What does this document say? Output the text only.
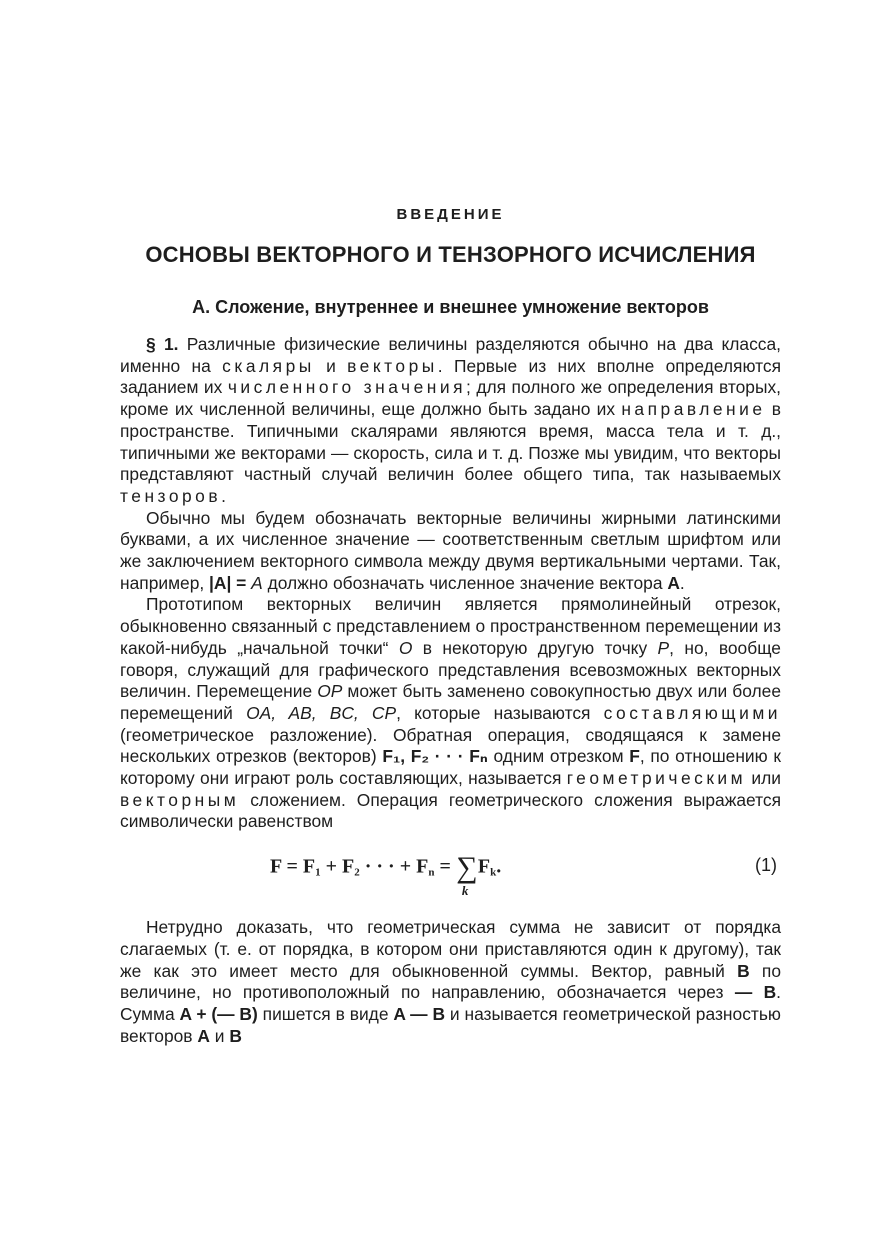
ВВЕДЕНИЕ
ОСНОВЫ ВЕКТОРНОГО И ТЕНЗОРНОГО ИСЧИСЛЕНИЯ
А. Сложение, внутреннее и внешнее умножение векторов

§ 1. Различные физические величины разделяются обычно на два класса, именно на скаляры и векторы. Первые из них вполне определяются заданием их численного значения; для полного же определения вторых, кроме их численной величины, еще должно быть задано их направление в пространстве. Типичными скалярами являются время, масса тела и т. д., типичными же векторами — скорость, сила и т. д. Позже мы увидим, что векторы представляют частный случай величин более общего типа, так называемых тензоров.

Обычно мы будем обозначать векторные величины жирными латинскими буквами, а их численное значение — соответственным светлым шрифтом или же заключением векторного символа между двумя вертикальными чертами. Так, например, |A| = A должно обозначать численное значение вектора A.

Прототипом векторных величин является прямолинейный отрезок, обыкновенно связанный с представлением о пространственном перемещении из какой-нибудь „начальной точки“ O в некоторую другую точку P, но, вообще говоря, служащий для графического представления всевозможных векторных величин. Перемещение OP может быть заменено совокупностью двух или более перемещений OA, AB, BC, CP, которые называются составляющими (геометрическое разложение). Обратная операция, сводящаяся к замене нескольких отрезков (векторов) F₁, F₂ · · · Fₙ одним отрезком F, по отношению к которому они играют роль составляющих, называется геометрическим или векторным сложением. Операция геометрического сложения выражается символически равенством

$F = F_1 + F_2$ · · · + $F_n$ = ∑
k
$F_k$.	(1)

Нетрудно доказать, что геометрическая сумма не зависит от порядка слагаемых (т. е. от порядка, в котором они приставляются один к другому), так же как это имеет место для обыкновенной суммы. Вектор, равный B по величине, но противоположный по направлению, обозначается через — B. Сумма A + (— B) пишется в виде A — B и называется геометрической разностью векторов A и B
